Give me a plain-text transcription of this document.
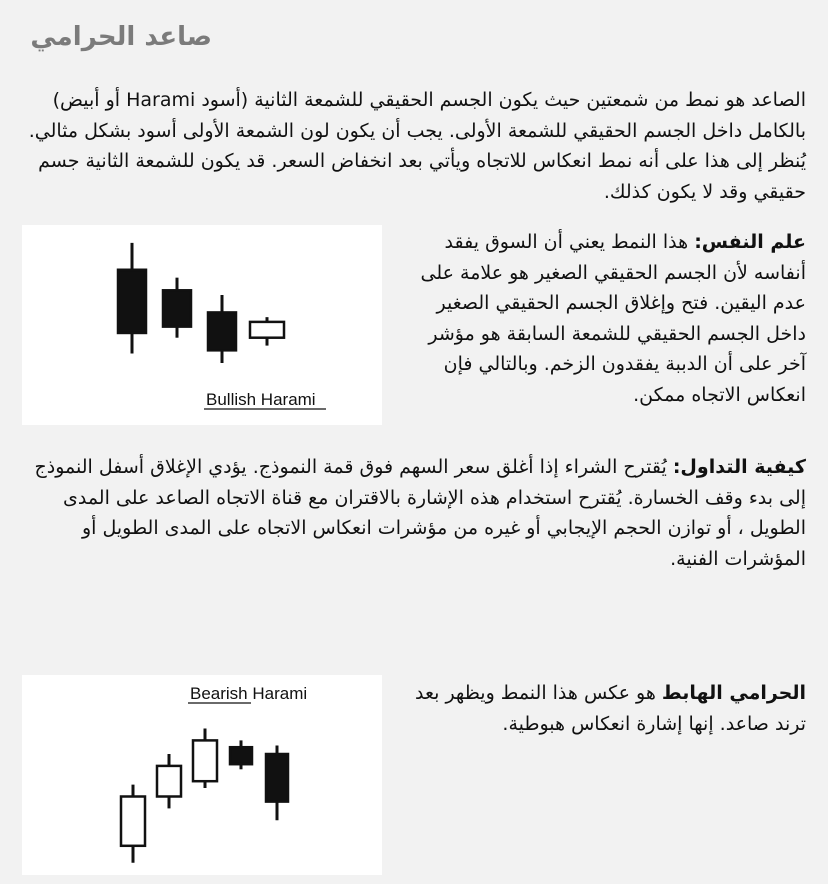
صاعد الحرامي

الصاعد هو نمط من شمعتين حيث يكون الجسم الحقيقي للشمعة الثانية (أسود Harami أو أبيض) بالكامل داخل الجسم الحقيقي للشمعة الأولى. يجب أن يكون لون الشمعة الأولى أسود بشكل مثالي. يُنظر إلى هذا على أنه نمط انعكاس للاتجاه ويأتي بعد انخفاض السعر. قد يكون للشمعة الثانية جسم حقيقي وقد لا يكون كذلك.

Bullish Harami

علم النفس: هذا النمط يعني أن السوق يفقد أنفاسه لأن الجسم الحقيقي الصغير هو علامة على عدم اليقين. فتح وإغلاق الجسم الحقيقي الصغير داخل الجسم الحقيقي للشمعة السابقة هو مؤشر آخر على أن الدببة يفقدون الزخم. وبالتالي فإن انعكاس الاتجاه ممكن.

كيفية التداول: يُقترح الشراء إذا أغلق سعر السهم فوق قمة النموذج. يؤدي الإغلاق أسفل النموذج إلى بدء وقف الخسارة. يُقترح استخدام هذه الإشارة بالاقتران مع قناة الاتجاه الصاعد على المدى الطويل ، أو توازن الحجم الإيجابي أو غيره من مؤشرات انعكاس الاتجاه على المدى الطويل أو المؤشرات الفنية.

Bearish Harami	الحرامي الهابط هو عكس هذا النمط ويظهر بعد ترند صاعد. إنها إشارة انعكاس هبوطية.
